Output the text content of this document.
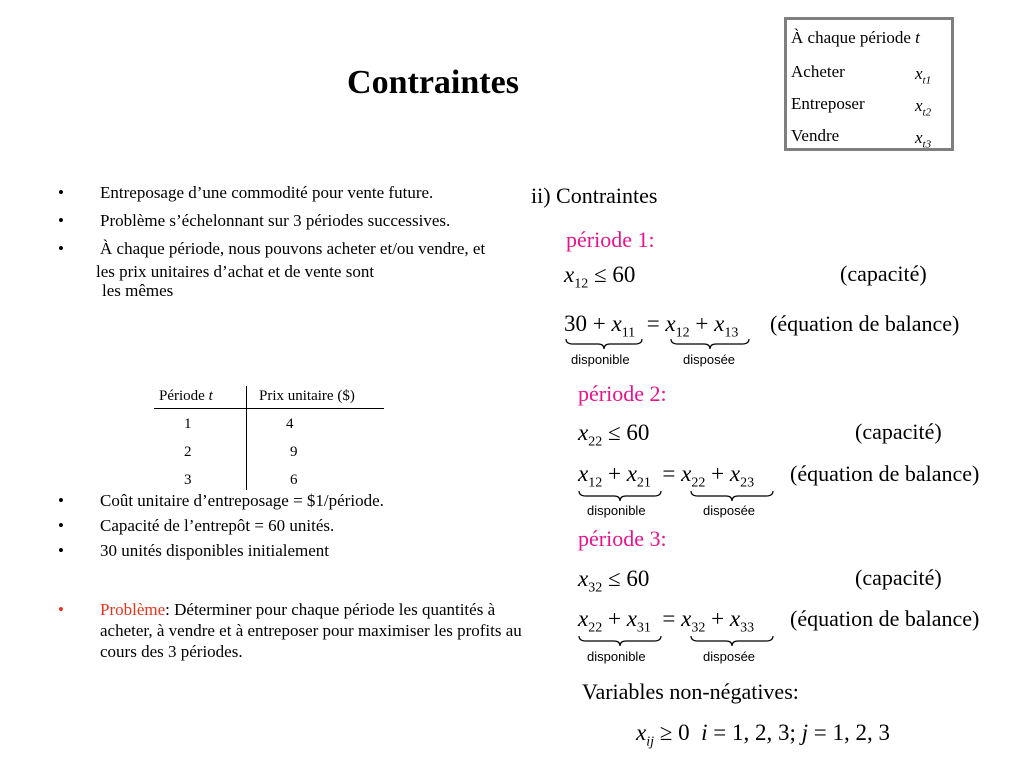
Contraintes
À chaque période t
Acheter	$x_{t1}$
Entreposer	$x_{t2}$
Vendre	$x_{t3}$
• Entreposage d’une commodité pour vente future.
• Problème s’échelonnant sur 3 périodes successives.
• À chaque période, nous pouvons acheter et/ou vendre, et
les prix unitaires d’achat et de vente sont
les mêmes
Période t	Prix unitaire ($)
1	4
2	9
3	6
• Coût unitaire d’entreposage = $1/période.
• Capacité de l’entrepôt = 60 unités.
• 30 unités disponibles initialement
• Problème: Déterminer pour chaque période les quantités à acheter, à vendre et à entreposer pour maximiser les profits au cours des 3 périodes.
ii) Contraintes
période 1:
$x_{12} \le 60$	(capacité)
$30 + x_{11} = x_{12} + x_{13}$ (équation de balance)
disponible	disposée
période 2:
$x_{22} \le 60$	(capacité)
$x_{12} + x_{21} = x_{22} + x_{23}$ (équation de balance)
disponible	disposée
période 3:
$x_{32} \le 60$	(capacité)
$x_{22} + x_{31} = x_{32} + x_{33}$ (équation de balance)
disponible	disposée
Variables non-négatives:
$x_{ij} \ge 0$ i = 1, 2, 3; j = 1, 2, 3
